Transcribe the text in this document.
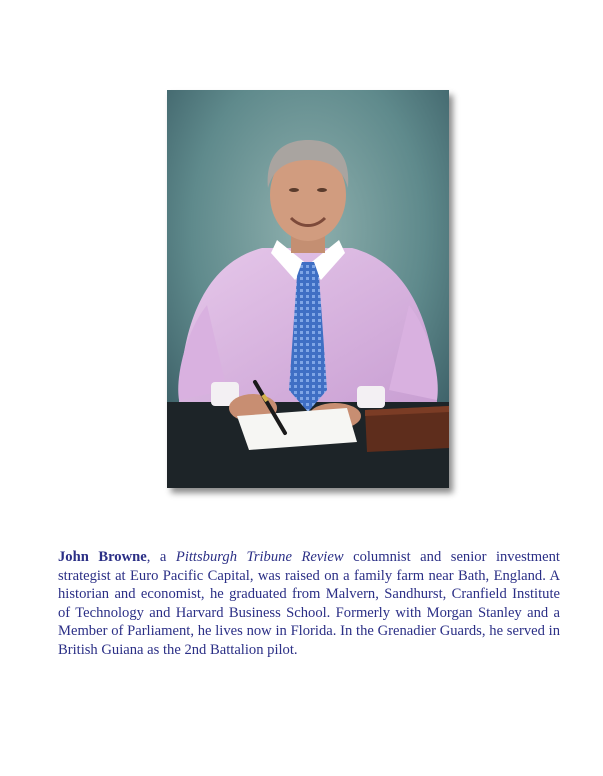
John Browne, a Pittsburgh Tribune Review columnist and senior investment strategist at Euro Pacific Capital, was raised on a family farm near Bath, England. A historian and economist, he graduated from Malvern, Sandhurst, Cranfield Institute of Technology and Harvard Business School. Formerly with Morgan Stanley and a Member of Parliament, he lives now in Florida. In the Grenadier Guards, he served in British Guiana as the 2nd Battalion pilot.
